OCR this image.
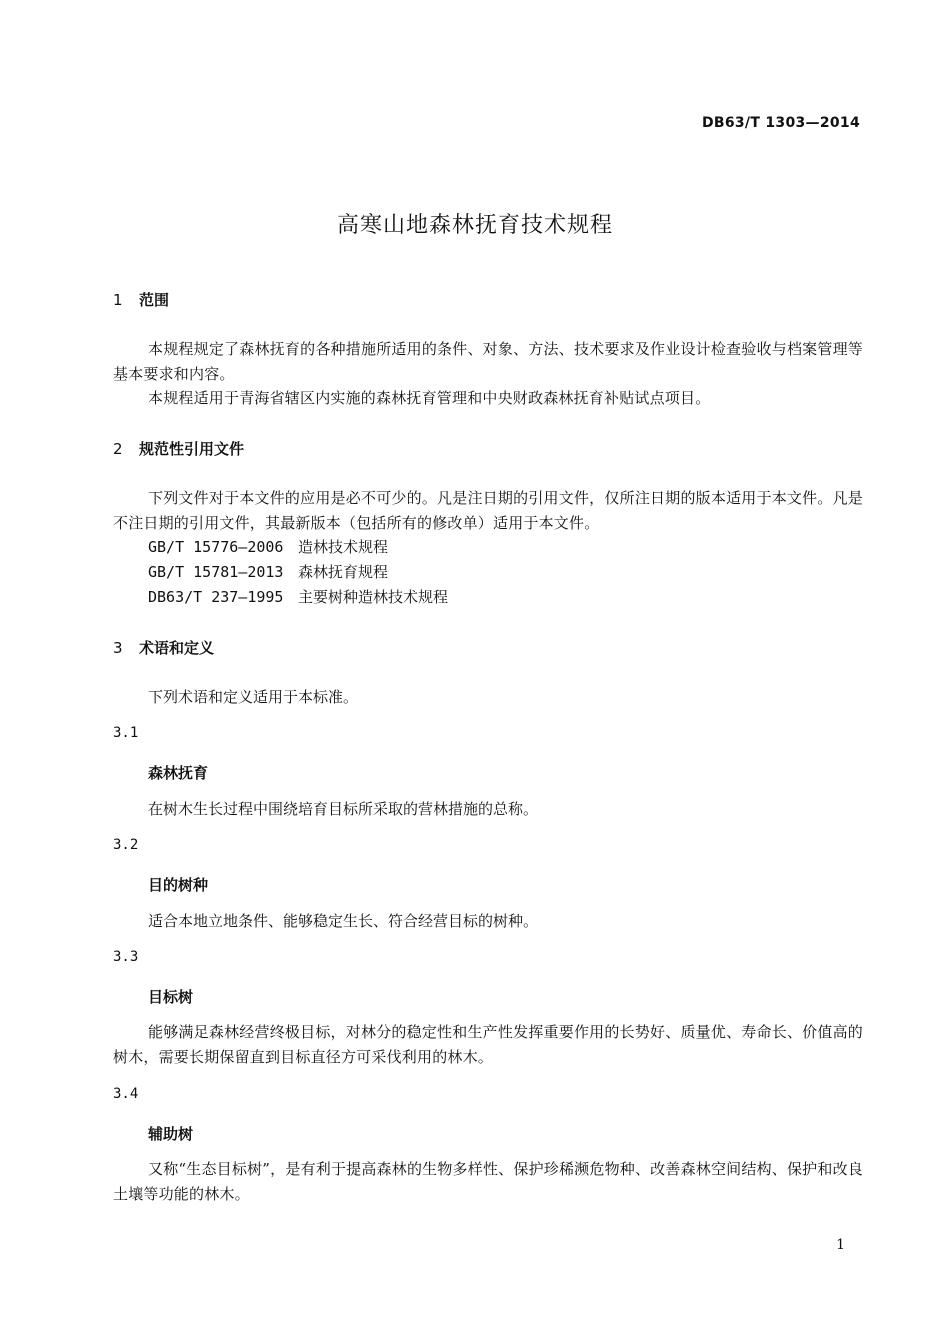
DB63/T 1303—2014
高寒山地森林抚育技术规程
1 范围
本规程规定了森林抚育的各种措施所适用的条件、对象、方法、技术要求及作业设计检查验收与档案管理等基本要求和内容。
本规程适用于青海省辖区内实施的森林抚育管理和中央财政森林抚育补贴试点项目。
2 规范性引用文件
下列文件对于本文件的应用是必不可少的。凡是注日期的引用文件，仅所注日期的版本适用于本文件。凡是不注日期的引用文件，其最新版本（包括所有的修改单）适用于本文件。
GB/T 15776—2006 造林技术规程
GB/T 15781—2013 森林抚育规程
DB63/T 237—1995 主要树种造林技术规程
3 术语和定义
下列术语和定义适用于本标准。
3.1
森林抚育
在树木生长过程中围绕培育目标所采取的营林措施的总称。
3.2
目的树种
适合本地立地条件、能够稳定生长、符合经营目标的树种。
3.3
目标树
能够满足森林经营终极目标，对林分的稳定性和生产性发挥重要作用的长势好、质量优、寿命长、价值高的树木，需要长期保留直到目标直径方可采伐利用的林木。
3.4
辅助树
又称“生态目标树”，是有利于提高森林的生物多样性、保护珍稀濒危物种、改善森林空间结构、保护和改良土壤等功能的林木。
1
